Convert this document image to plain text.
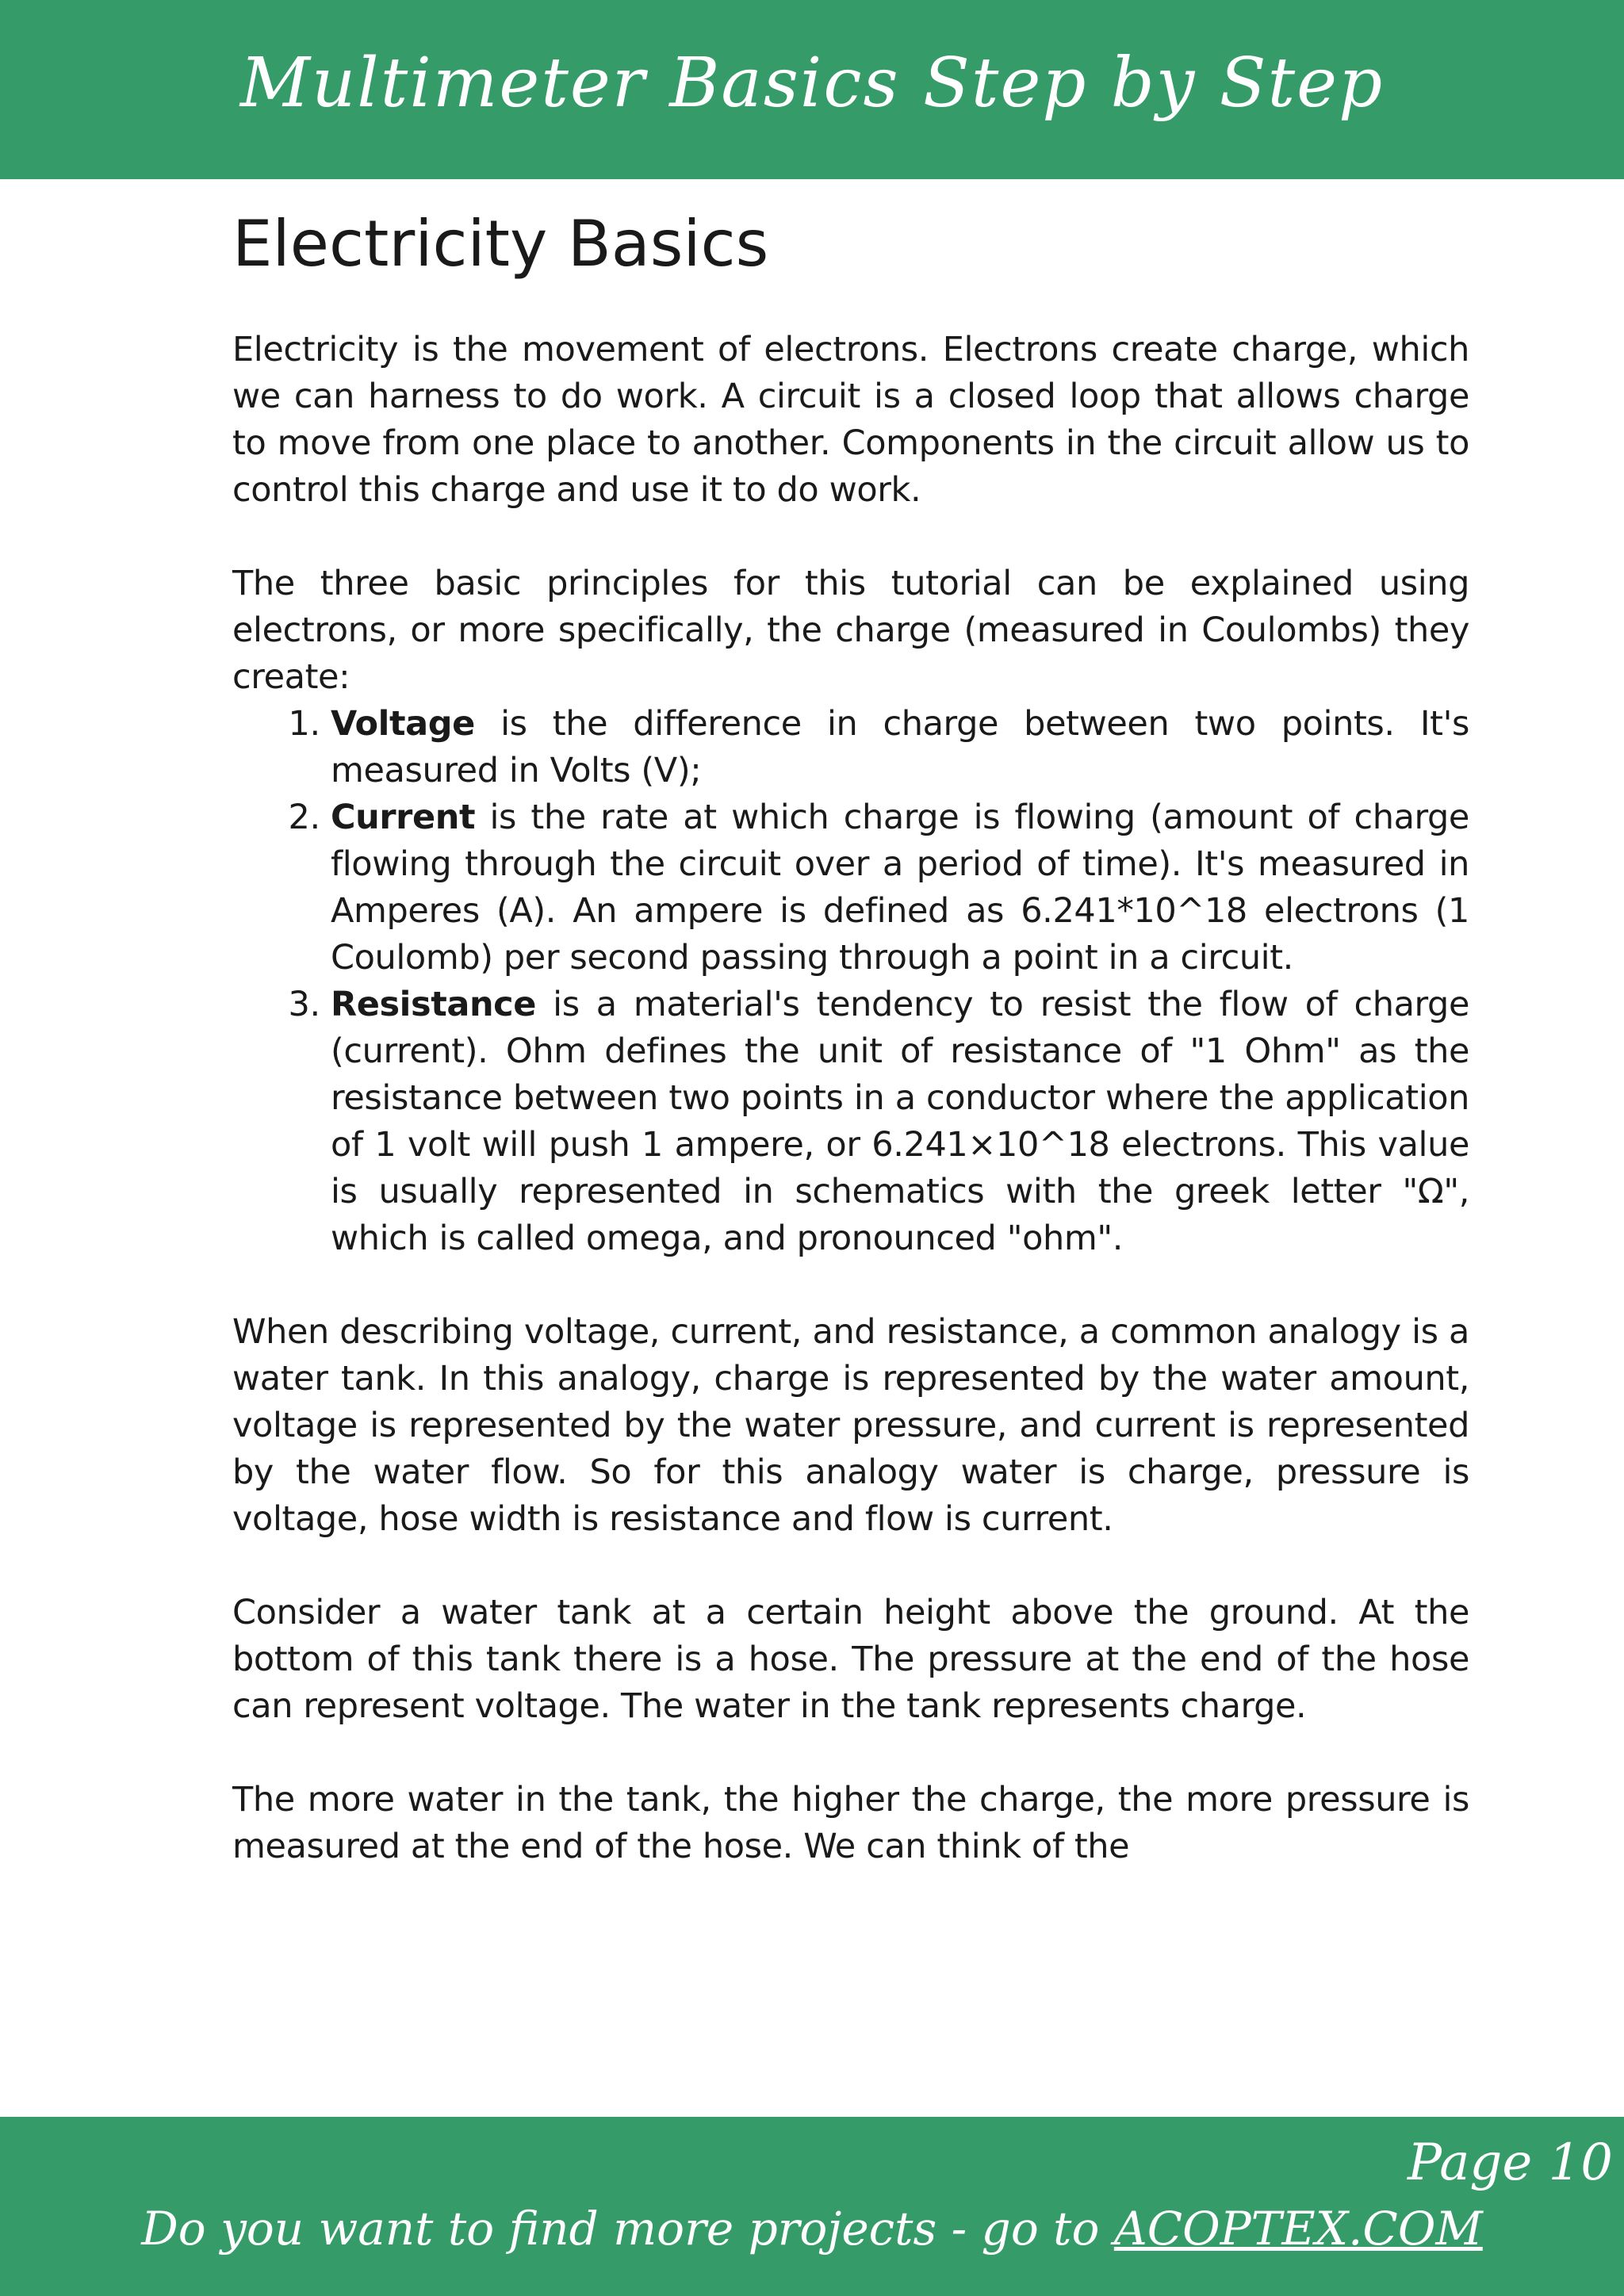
Multimeter Basics Step by Step
Electricity Basics

Electricity is the movement of electrons. Electrons create charge, which we can harness to do work. A circuit is a closed loop that allows charge to move from one place to another. Components in the circuit allow us to control this charge and use it to do work.

The three basic principles for this tutorial can be explained using electrons, or more specifically, the charge (measured in Coulombs) they create:

1. Voltage is the difference in charge between two points. It's measured in Volts (V);
2. Current is the rate at which charge is flowing (amount of charge flowing through the circuit over a period of time). It's measured in Amperes (A). An ampere is defined as 6.241*10^18 electrons (1 Coulomb) per second passing through a point in a circuit.
3. Resistance is a material's tendency to resist the flow of charge (current). Ohm defines the unit of resistance of "1 Ohm" as the resistance between two points in a conductor where the application of 1 volt will push 1 ampere, or 6.241×10^18 electrons. This value is usually represented in schematics with the greek letter "Ω", which is called omega, and pronounced "ohm".

When describing voltage, current, and resistance, a common analogy is a water tank. In this analogy, charge is represented by the water amount, voltage is represented by the water pressure, and current is represented by the water flow. So for this analogy water is charge, pressure is voltage, hose width is resistance and flow is current.

Consider a water tank at a certain height above the ground. At the bottom of this tank there is a hose. The pressure at the end of the hose can represent voltage. The water in the tank represents charge.

The more water in the tank, the higher the charge, the more pressure is measured at the end of the hose. We can think of the

Page 10
Do you want to find more projects - go to ACOPTEX.COM
